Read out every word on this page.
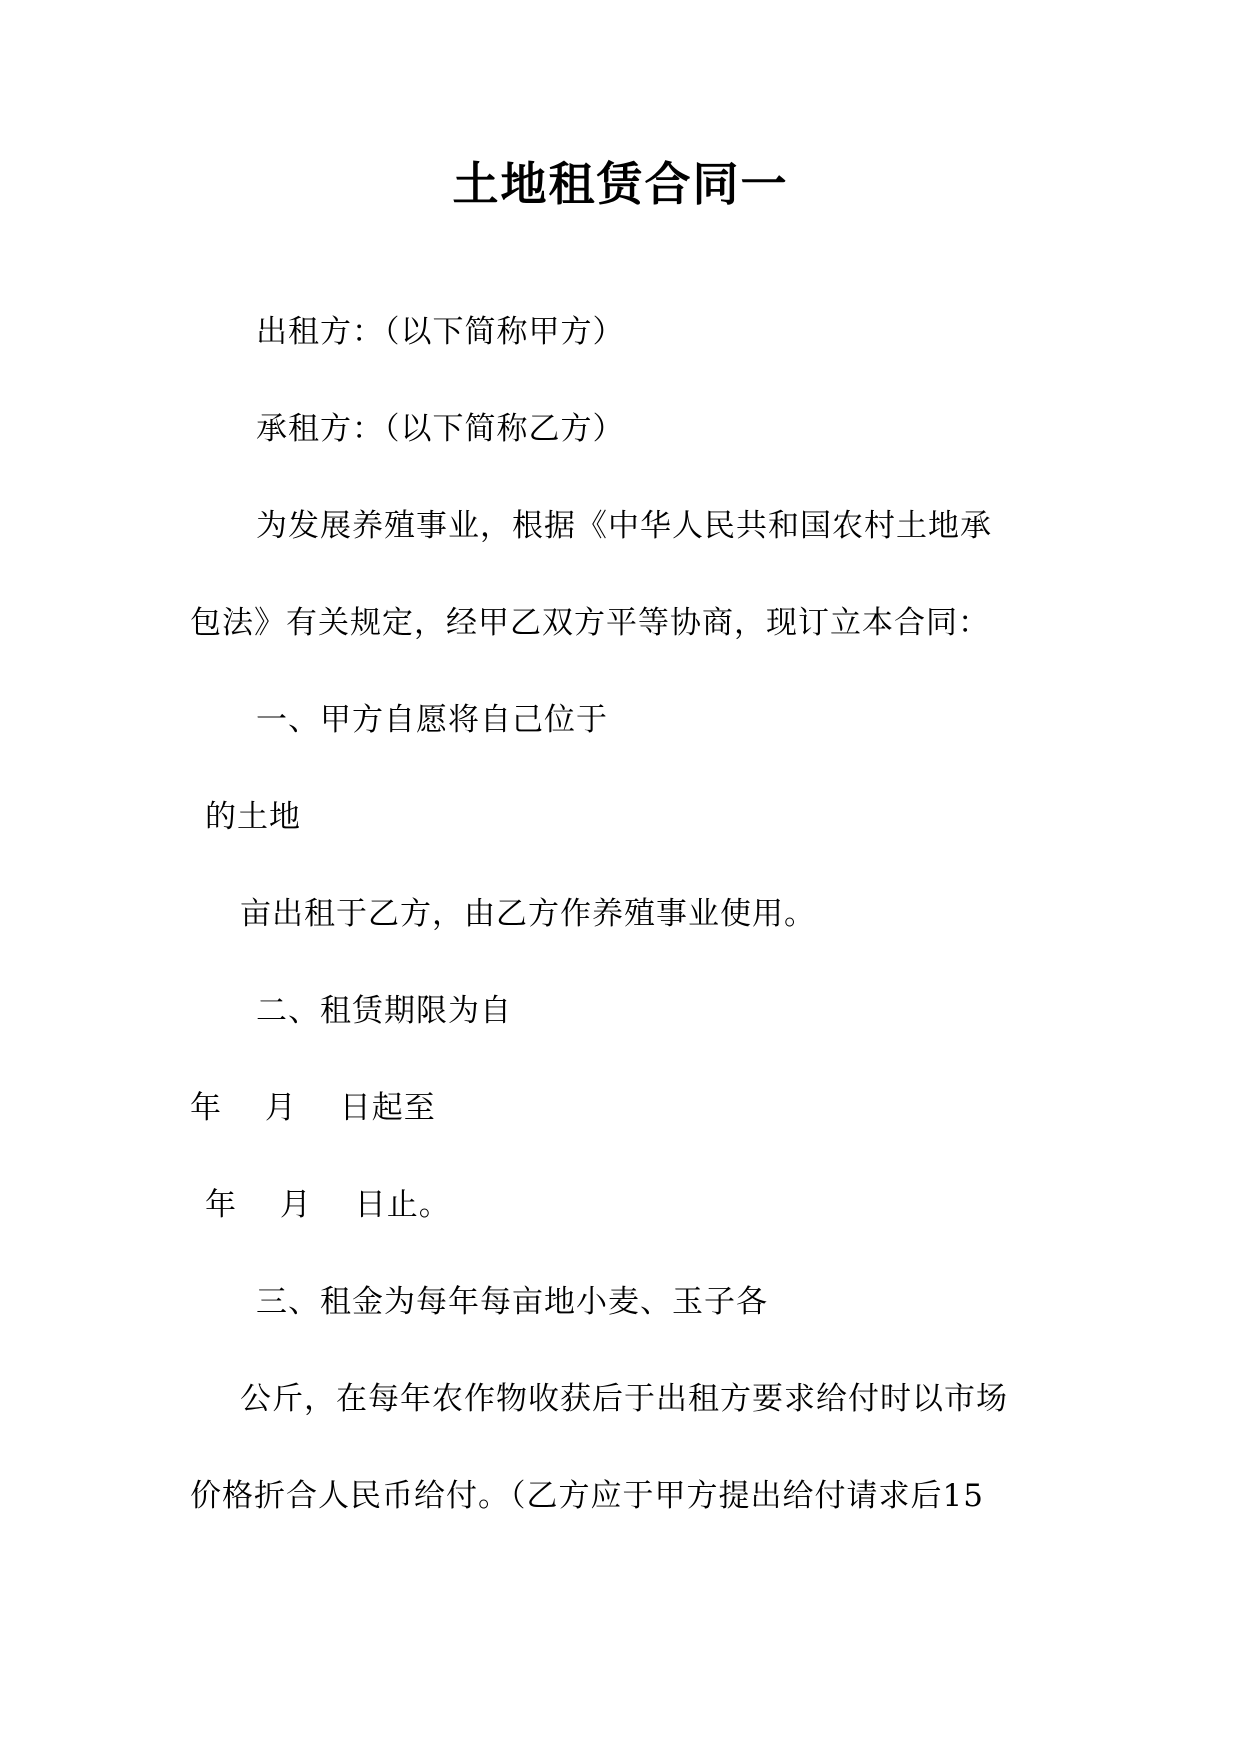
土地租赁合同一
出租方：（以下简称甲方）
承租方：（以下简称乙方）
为发展养殖事业，根据《中华人民共和国农村土地承
包法》有关规定，经甲乙双方平等协商，现订立本合同：
一、甲方自愿将自己位于
的土地
亩出租于乙方，由乙方作养殖事业使用。
二、租赁期限为自
年　 月　 日起至
年　 月　 日止。
三、租金为每年每亩地小麦、玉子各
公斤，在每年农作物收获后于出租方要求给付时以市场
价格折合人民币给付。（乙方应于甲方提出给付请求后15
